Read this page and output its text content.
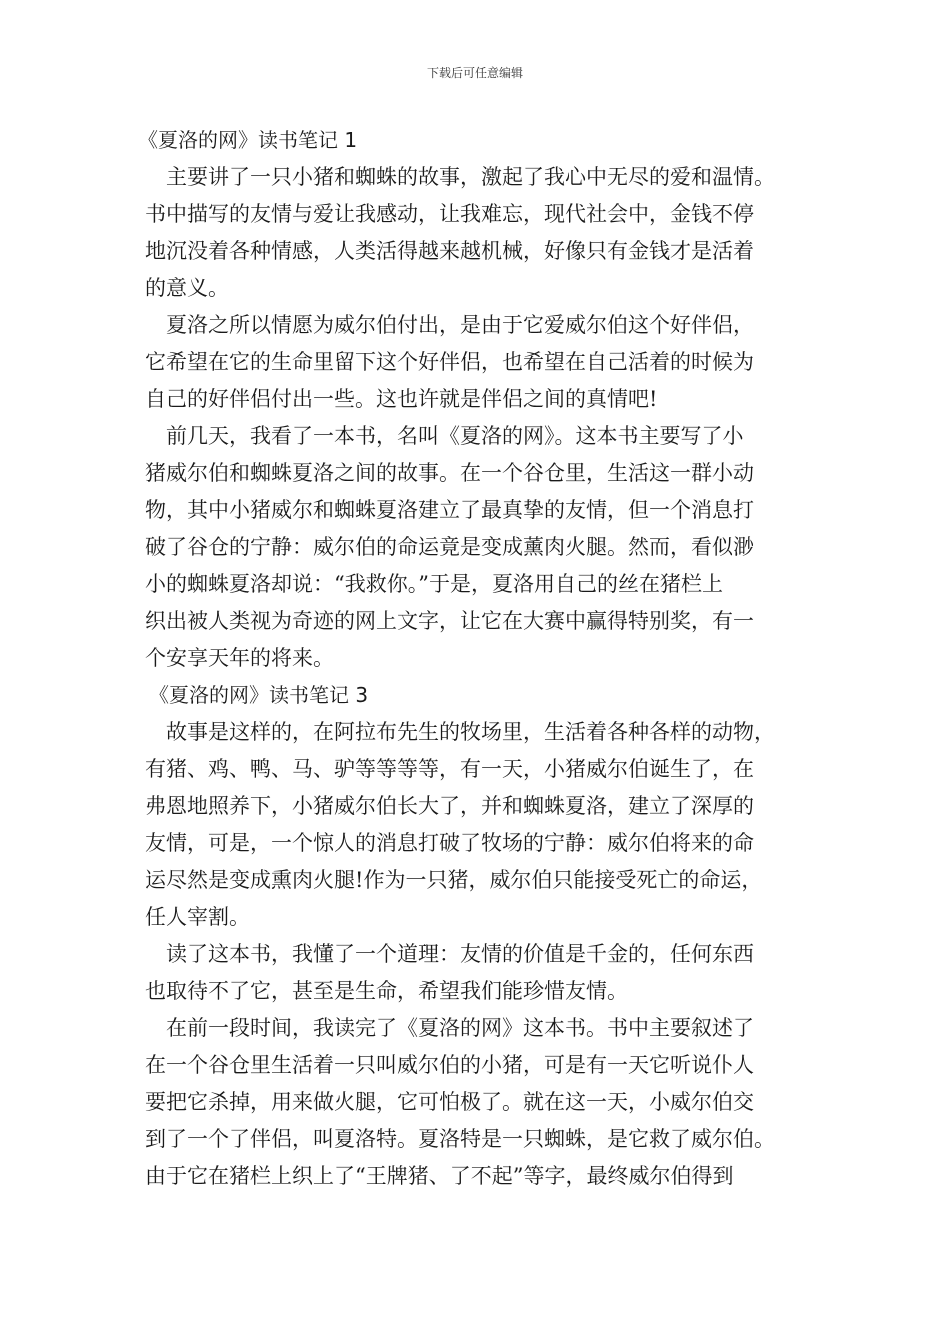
下载后可任意编辑
《夏洛的网》读书笔记 1
主要讲了一只小猪和蜘蛛的故事，激起了我心中无尽的爱和温情。
书中描写的友情与爱让我感动，让我难忘，现代社会中，金钱不停
地沉没着各种情感，人类活得越来越机械，好像只有金钱才是活着
的意义。
夏洛之所以情愿为威尔伯付出，是由于它爱威尔伯这个好伴侣，
它希望在它的生命里留下这个好伴侣，也希望在自己活着的时候为
自己的好伴侣付出一些。这也许就是伴侣之间的真情吧!
前几天，我看了一本书，名叫《夏洛的网》。这本书主要写了小
猪威尔伯和蜘蛛夏洛之间的故事。在一个谷仓里，生活这一群小动
物，其中小猪威尔和蜘蛛夏洛建立了最真挚的友情，但一个消息打
破了谷仓的宁静：威尔伯的命运竟是变成薰肉火腿。然而，看似渺
小的蜘蛛夏洛却说：“我救你。”于是，夏洛用自己的丝在猪栏上
织出被人类视为奇迹的网上文字，让它在大赛中赢得特别奖，有一
个安享天年的将来。
《夏洛的网》读书笔记 3
故事是这样的，在阿拉布先生的牧场里，生活着各种各样的动物，
有猪、鸡、鸭、马、驴等等等等，有一天，小猪威尔伯诞生了，在
弗恩地照养下，小猪威尔伯长大了，并和蜘蛛夏洛，建立了深厚的
友情，可是，一个惊人的消息打破了牧场的宁静：威尔伯将来的命
运尽然是变成熏肉火腿!作为一只猪，威尔伯只能接受死亡的命运，
任人宰割。
读了这本书，我懂了一个道理：友情的价值是千金的，任何东西
也取待不了它，甚至是生命，希望我们能珍惜友情。
在前一段时间，我读完了《夏洛的网》这本书。书中主要叙述了
在一个谷仓里生活着一只叫威尔伯的小猪，可是有一天它听说仆人
要把它杀掉，用来做火腿，它可怕极了。就在这一天，小威尔伯交
到了一个了伴侣，叫夏洛特。夏洛特是一只蜘蛛，是它救了威尔伯。
由于它在猪栏上织上了“王牌猪、了不起”等字，最终威尔伯得到
